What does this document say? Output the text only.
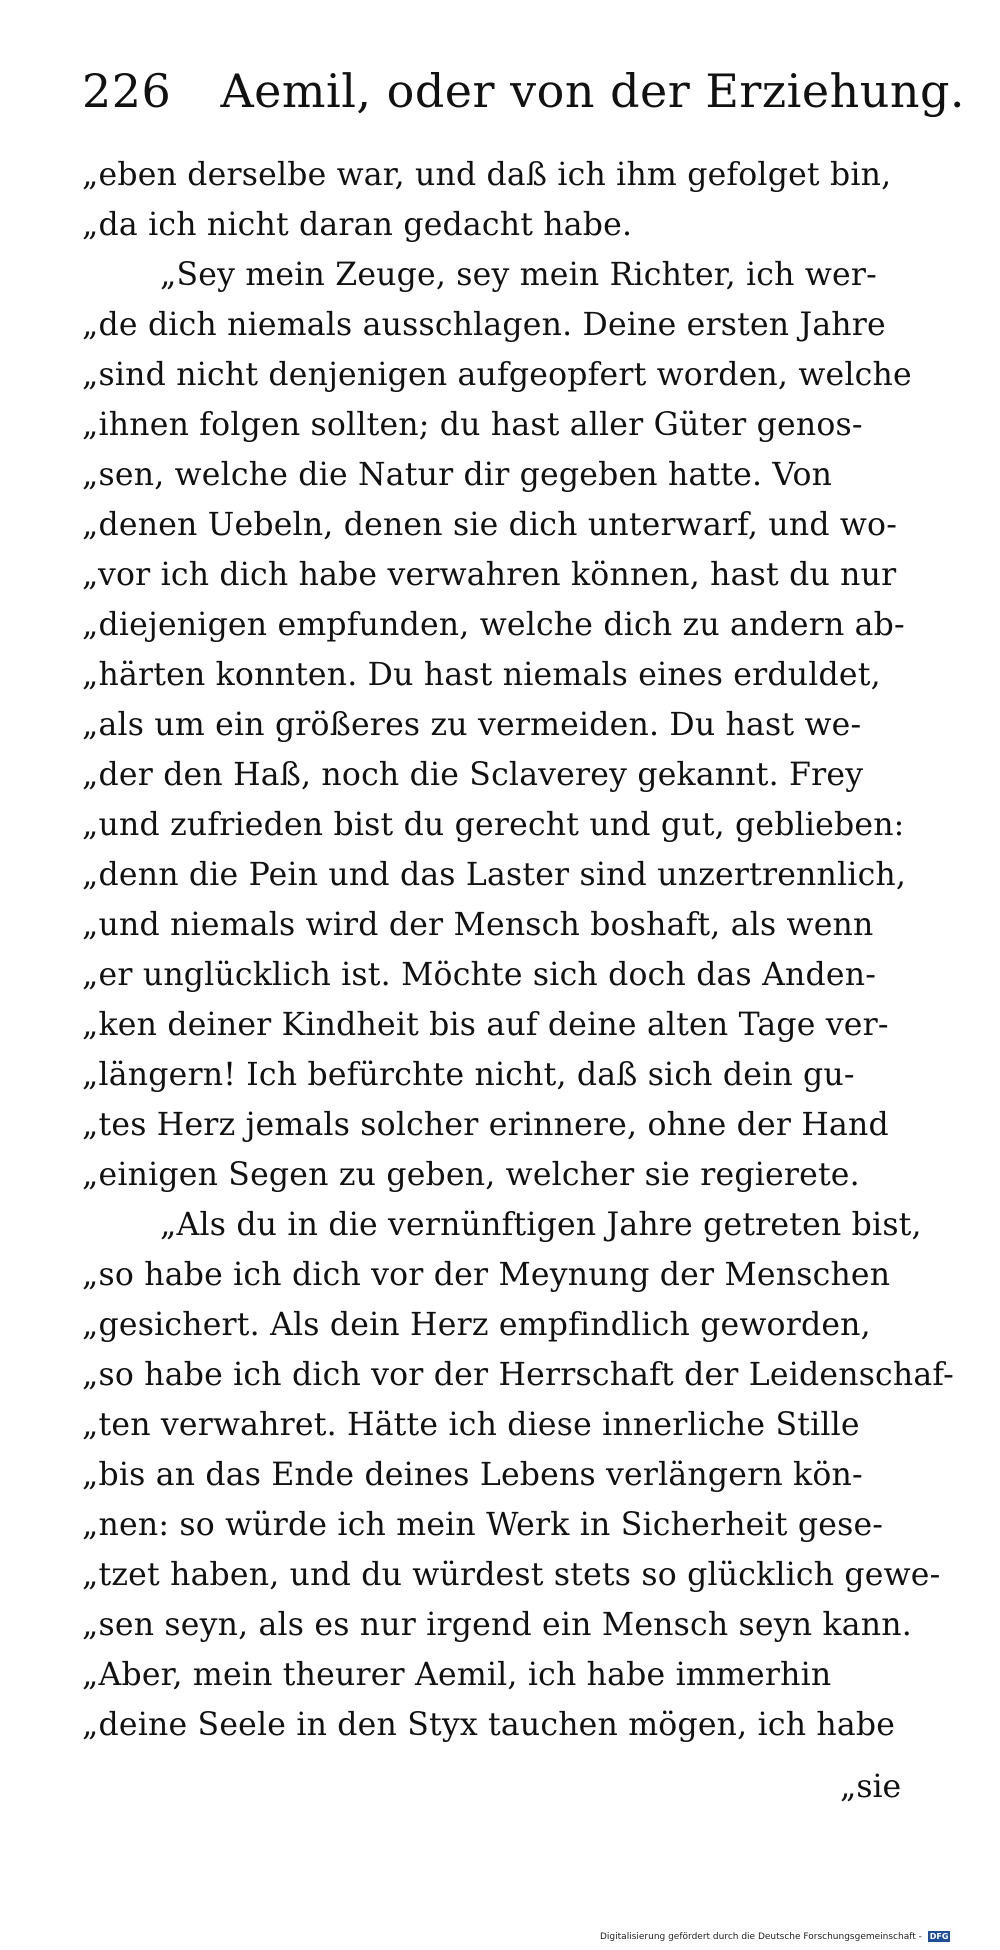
226 Aemil, oder von der Erziehung.
„eben derselbe war, und daß ich ihm gefolget bin,
„da ich nicht daran gedacht habe.
„Sey mein Zeuge, sey mein Richter, ich wer-
„de dich niemals ausschlagen. Deine ersten Jahre
„sind nicht denjenigen aufgeopfert worden, welche
„ihnen folgen sollten; du hast aller Güter genos-
„sen, welche die Natur dir gegeben hatte. Von
„denen Uebeln, denen sie dich unterwarf, und wo-
„vor ich dich habe verwahren können, hast du nur
„diejenigen empfunden, welche dich zu andern ab-
„härten konnten. Du hast niemals eines erduldet,
„als um ein größeres zu vermeiden. Du hast we-
„der den Haß, noch die Sclaverey gekannt. Frey
„und zufrieden bist du gerecht und gut, geblieben:
„denn die Pein und das Laster sind unzertrennlich,
„und niemals wird der Mensch boshaft, als wenn
„er unglücklich ist. Möchte sich doch das Anden-
„ken deiner Kindheit bis auf deine alten Tage ver-
„längern! Ich befürchte nicht, daß sich dein gu-
„tes Herz jemals solcher erinnere, ohne der Hand
„einigen Segen zu geben, welcher sie regierete.
„Als du in die vernünftigen Jahre getreten bist,
„so habe ich dich vor der Meynung der Menschen
„gesichert. Als dein Herz empfindlich geworden,
„so habe ich dich vor der Herrschaft der Leidenschaf-
„ten verwahret. Hätte ich diese innerliche Stille
„bis an das Ende deines Lebens verlängern kön-
„nen: so würde ich mein Werk in Sicherheit gese-
„tzet haben, und du würdest stets so glücklich gewe-
„sen seyn, als es nur irgend ein Mensch seyn kann.
„Aber, mein theurer Aemil, ich habe immerhin
„deine Seele in den Styx tauchen mögen, ich habe
„sie
Digitalisierung gefördert durch die Deutsche Forschungsgemeinschaft - DFG
